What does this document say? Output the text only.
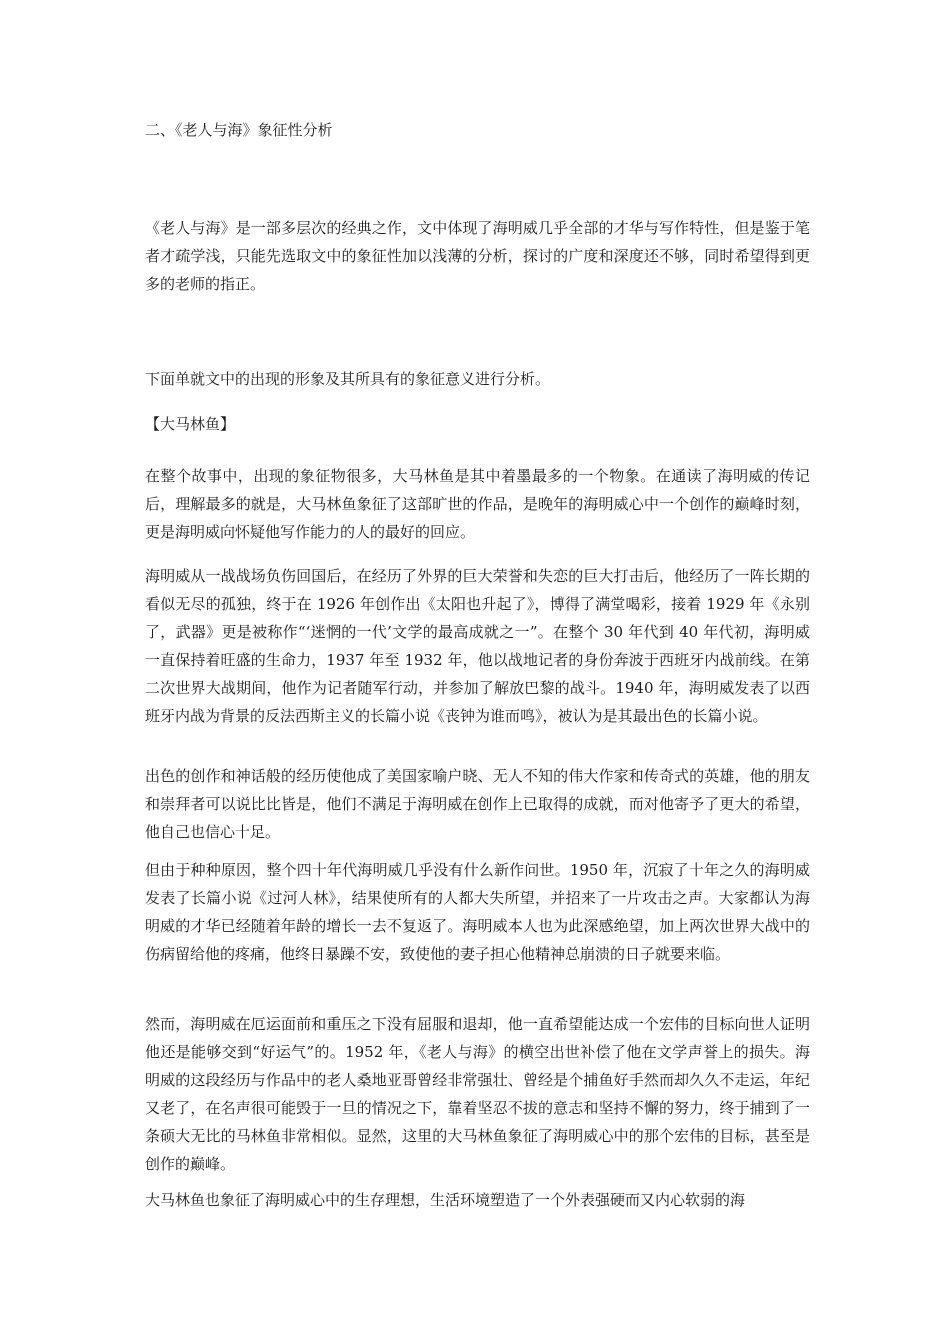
二、《老人与海》象征性分析

《老人与海》是一部多层次的经典之作，文中体现了海明威几乎全部的才华与写作特性，但是鉴于笔者才疏学浅，只能先选取文中的象征性加以浅薄的分析，探讨的广度和深度还不够，同时希望得到更多的老师的指正。

下面单就文中的出现的形象及其所具有的象征意义进行分析。

【大马林鱼】

在整个故事中，出现的象征物很多，大马林鱼是其中着墨最多的一个物象。在通读了海明威的传记后，理解最多的就是，大马林鱼象征了这部旷世的作品，是晚年的海明威心中一个创作的巅峰时刻，更是海明威向怀疑他写作能力的人的最好的回应。

海明威从一战战场负伤回国后，在经历了外界的巨大荣誉和失恋的巨大打击后，他经历了一阵长期的看似无尽的孤独，终于在 1926 年创作出《太阳也升起了》，博得了满堂喝彩，接着 1929 年《永别了，武器》更是被称作“‘迷惘的一代’文学的最高成就之一”。在整个 30 年代到 40 年代初，海明威一直保持着旺盛的生命力，1937 年至 1932 年，他以战地记者的身份奔波于西班牙内战前线。在第二次世界大战期间，他作为记者随军行动，并参加了解放巴黎的战斗。1940 年，海明威发表了以西班牙内战为背景的反法西斯主义的长篇小说《丧钟为谁而鸣》，被认为是其最出色的长篇小说。

出色的创作和神话般的经历使他成了美国家喻户晓、无人不知的伟大作家和传奇式的英雄，他的朋友和崇拜者可以说比比皆是，他们不满足于海明威在创作上已取得的成就，而对他寄予了更大的希望，他自己也信心十足。

但由于种种原因，整个四十年代海明威几乎没有什么新作问世。1950 年，沉寂了十年之久的海明威发表了长篇小说《过河人林》，结果使所有的人都大失所望，并招来了一片攻击之声。大家都认为海明威的才华已经随着年龄的增长一去不复返了。海明威本人也为此深感绝望，加上两次世界大战中的伤病留给他的疼痛，他终日暴躁不安，致使他的妻子担心他精神总崩溃的日子就要来临。

然而，海明威在厄运面前和重压之下没有屈服和退却，他一直希望能达成一个宏伟的目标向世人证明他还是能够交到“好运气”的。1952 年，《老人与海》的横空出世补偿了他在文学声誉上的损失。海明威的这段经历与作品中的老人桑地亚哥曾经非常强壮、曾经是个捕鱼好手然而却久久不走运，年纪又老了，在名声很可能毁于一旦的情况之下，靠着坚忍不拔的意志和坚持不懈的努力，终于捕到了一条硕大无比的马林鱼非常相似。显然，这里的大马林鱼象征了海明威心中的那个宏伟的目标，甚至是创作的巅峰。

大马林鱼也象征了海明威心中的生存理想，生活环境塑造了一个外表强硬而又内心软弱的海
